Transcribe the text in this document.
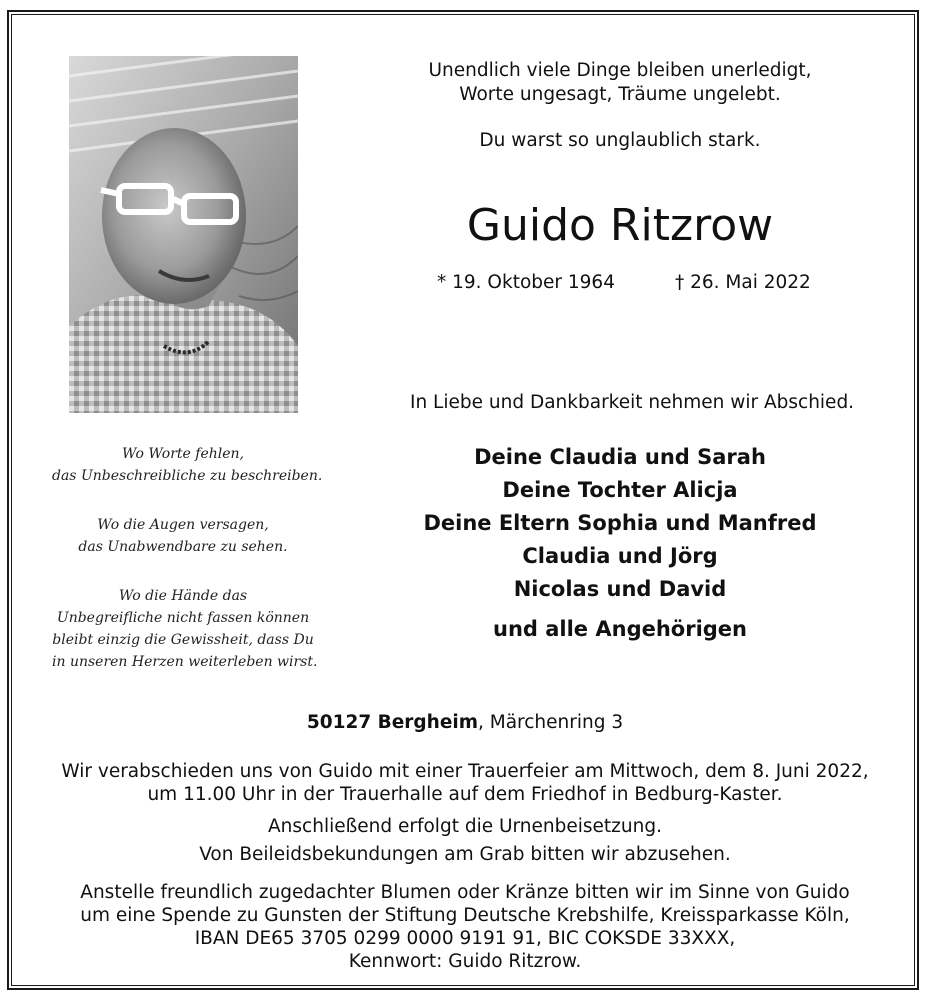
Unendlich viele Dinge bleiben unerledigt,
Worte ungesagt, Träume ungelebt.
Du warst so unglaublich stark.
Guido Ritzrow
* 19. Oktober 1964	† 26. Mai 2022
In Liebe und Dankbarkeit nehmen wir Abschied.
Deine Claudia und Sarah
Deine Tochter Alicja
Deine Eltern Sophia und Manfred
Claudia und Jörg
Nicolas und David
und alle Angehörigen
Wo Worte fehlen,
das Unbeschreibliche zu beschreiben.
Wo die Augen versagen,
das Unabwendbare zu sehen.
Wo die Hände das
Unbegreifliche nicht fassen können
bleibt einzig die Gewissheit, dass Du
in unseren Herzen weiterleben wirst.
50127 Bergheim, Märchenring 3
Wir verabschieden uns von Guido mit einer Trauerfeier am Mittwoch, dem 8. Juni 2022,
um 11.00 Uhr in der Trauerhalle auf dem Friedhof in Bedburg-Kaster.
Anschließend erfolgt die Urnenbeisetzung.
Von Beileidsbekundungen am Grab bitten wir abzusehen.
Anstelle freundlich zugedachter Blumen oder Kränze bitten wir im Sinne von Guido
um eine Spende zu Gunsten der Stiftung Deutsche Krebshilfe, Kreissparkasse Köln,
IBAN DE65 3705 0299 0000 9191 91, BIC COKSDE 33XXX,
Kennwort: Guido Ritzrow.
